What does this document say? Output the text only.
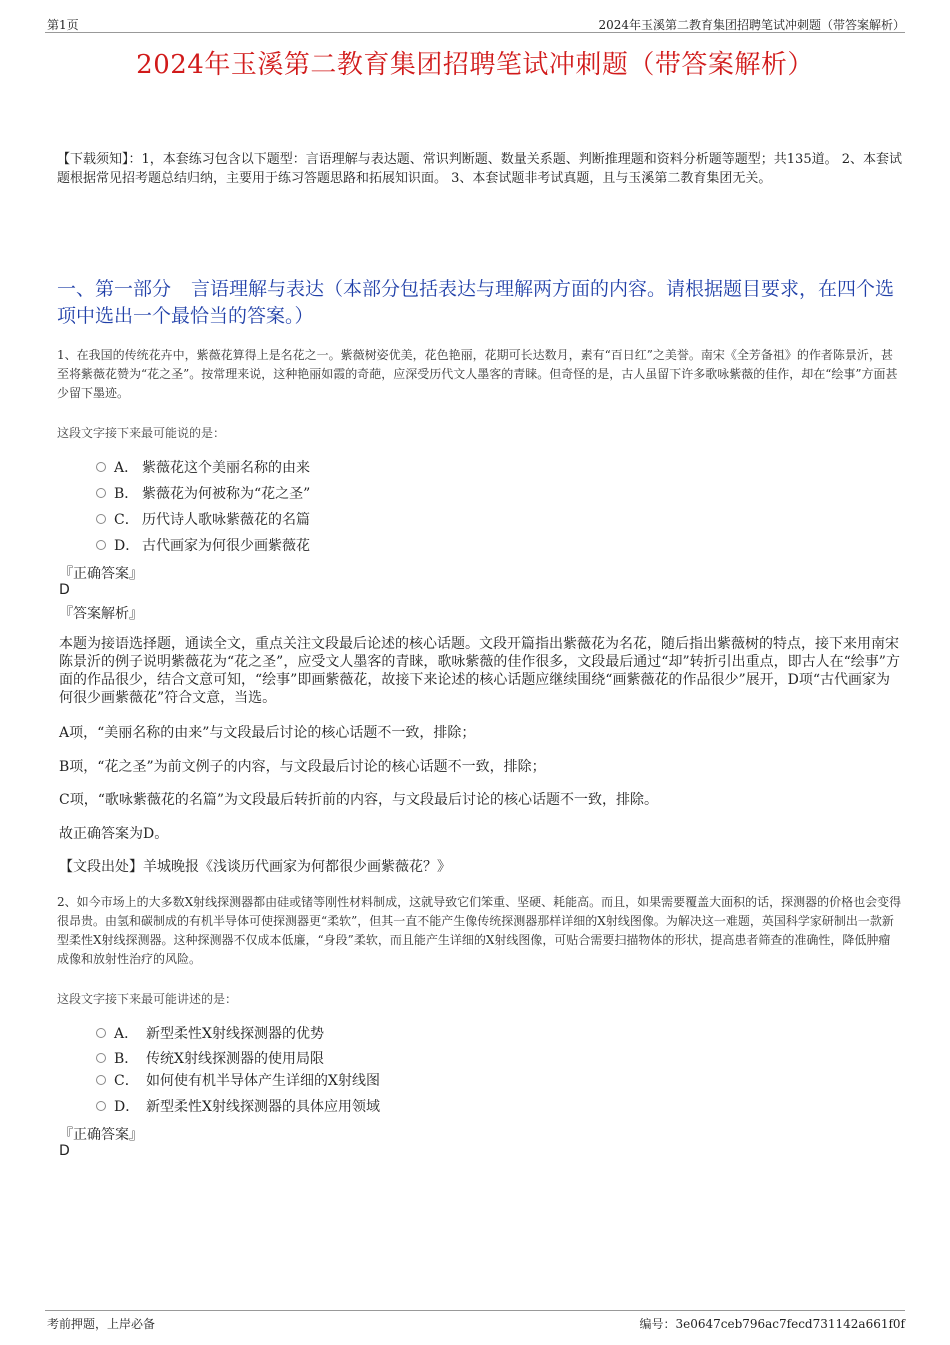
第1页	2024年玉溪第二教育集团招聘笔试冲刺题（带答案解析）
2024年玉溪第二教育集团招聘笔试冲刺题（带答案解析）
【下载须知】：1，本套练习包含以下题型：言语理解与表达题、常识判断题、数量关系题、判断推理题和资料分析题等题型；共135道。 2、本套试题根据常见招考题总结归纳，主要用于练习答题思路和拓展知识面。 3、本套试题非考试真题，且与玉溪第二教育集团无关。
一、第一部分 言语理解与表达（本部分包括表达与理解两方面的内容。请根据题目要求，在四个选项中选出一个最恰当的答案。）
1、在我国的传统花卉中，紫薇花算得上是名花之一。紫薇树姿优美，花色艳丽，花期可长达数月，素有“百日红”之美誉。南宋《全芳备祖》的作者陈景沂，甚至将紫薇花赞为“花之圣”。按常理来说，这种艳丽如霞的奇葩，应深受历代文人墨客的青睐。但奇怪的是，古人虽留下许多歌咏紫薇的佳作，却在“绘事”方面甚少留下墨迹。
这段文字接下来最可能说的是：
A． 紫薇花这个美丽名称的由来
B． 紫薇花为何被称为“花之圣”
C． 历代诗人歌咏紫薇花的名篇
D． 古代画家为何很少画紫薇花
『正确答案』
D
『答案解析』
本题为接语选择题，通读全文，重点关注文段最后论述的核心话题。文段开篇指出紫薇花为名花，随后指出紫薇树的特点，接下来用南宋陈景沂的例子说明紫薇花为“花之圣”，应受文人墨客的青睐，歌咏紫薇的佳作很多，文段最后通过“却”转折引出重点，即古人在“绘事”方面的作品很少，结合文意可知，“绘事”即画紫薇花，故接下来论述的核心话题应继续围绕“画紫薇花的作品很少”展开，D项“古代画家为何很少画紫薇花”符合文意，当选。
A项，“美丽名称的由来”与文段最后讨论的核心话题不一致，排除；
B项，“花之圣”为前文例子的内容，与文段最后讨论的核心话题不一致，排除；
C项，“歌咏紫薇花的名篇”为文段最后转折前的内容，与文段最后讨论的核心话题不一致，排除。
故正确答案为D。
【文段出处】羊城晚报《浅谈历代画家为何都很少画紫薇花？》
2、如今市场上的大多数X射线探测器都由硅或锗等刚性材料制成，这就导致它们笨重、坚硬、耗能高。而且，如果需要覆盖大面积的话，探测器的价格也会变得很昂贵。由氢和碳制成的有机半导体可使探测器更“柔软”，但其一直不能产生像传统探测器那样详细的X射线图像。为解决这一难题，英国科学家研制出一款新型柔性X射线探测器。这种探测器不仅成本低廉，“身段”柔软，而且能产生详细的X射线图像，可贴合需要扫描物体的形状，提高患者筛查的准确性，降低肿瘤成像和放射性治疗的风险。
这段文字接下来最可能讲述的是：
A． 新型柔性X射线探测器的优势
B． 传统X射线探测器的使用局限
C． 如何使有机半导体产生详细的X射线图
D． 新型柔性X射线探测器的具体应用领域
『正确答案』
D
考前押题，上岸必备	编号：3e0647ceb796ac7fecd731142a661f0f
